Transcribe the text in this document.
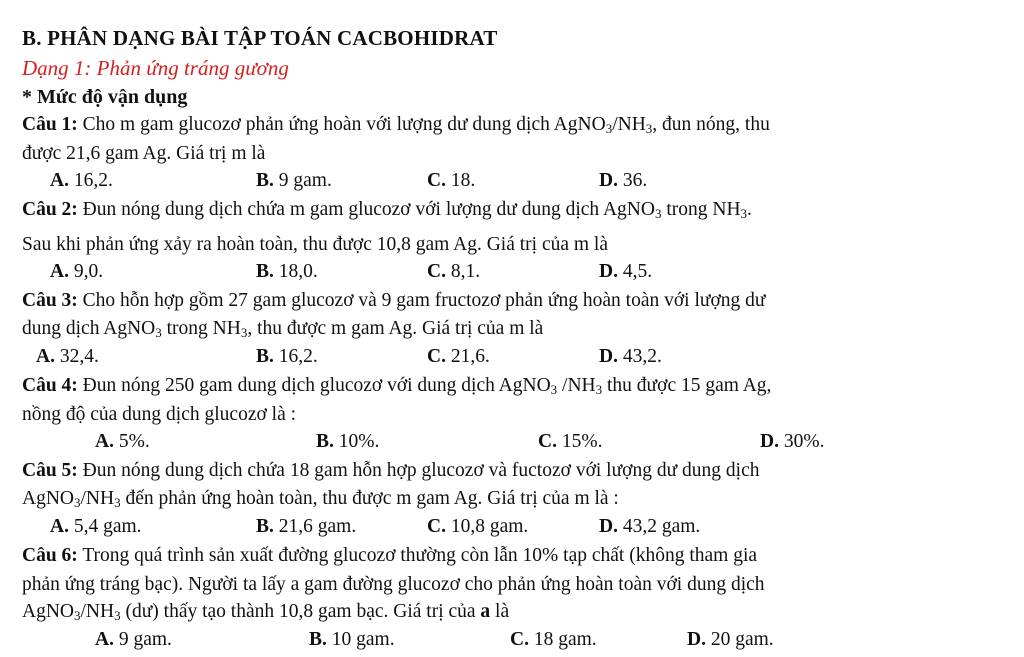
B. PHÂN DẠNG BÀI TẬP TOÁN CACBOHIDRAT
Dạng 1: Phản ứng tráng gương
* Mức độ vận dụng
Câu 1: Cho m gam glucozơ phản ứng hoàn với lượng dư dung dịch $AgNO_3/NH_3$, đun nóng, thu
được 21,6 gam Ag. Giá trị m là
A. 16,2.	B. 9 gam.	C. 18.	D. 36.
Câu 2: Đun nóng dung dịch chứa m gam glucozơ với lượng dư dung dịch AgNO$_3$ trong $NH_3$.
Sau khi phản ứng xảy ra hoàn toàn, thu được 10,8 gam Ag. Giá trị của m là
A. 9,0.	B. 18,0.	C. 8,1.	D. 4,5.
Câu 3: Cho hỗn hợp gồm 27 gam glucozơ và 9 gam fructozơ phản ứng hoàn toàn với lượng dư
dung dịch AgNO$_3$ trong $NH_3$, thu được m gam Ag. Giá trị của m là
A. 32,4.	B. 16,2.	C. 21,6.	D. 43,2.
Câu 4: Đun nóng 250 gam dung dịch glucozơ với dung dịch AgNO$_3$ $/NH_3$ thu được 15 gam Ag,
nồng độ của dung dịch glucozơ là :
A. 5%.	B. 10%.	C. 15%.	D. 30%.
Câu 5: Đun nóng dung dịch chứa 18 gam hỗn hợp glucozơ và fuctozơ với lượng dư dung dịch
$AgNO_3/NH_3$ đến phản ứng hoàn toàn, thu được m gam Ag. Giá trị của m là :
A. 5,4 gam.	B. 21,6 gam.	C. 10,8 gam.	D. 43,2 gam.
Câu 6: Trong quá trình sản xuất đường glucozơ thường còn lẫn 10% tạp chất (không tham gia
phản ứng tráng bạc). Người ta lấy a gam đường glucozơ cho phản ứng hoàn toàn với dung dịch
$AgNO_3/NH_3$ (dư) thấy tạo thành 10,8 gam bạc. Giá trị của a là
A. 9 gam.	B. 10 gam.	C. 18 gam.	D. 20 gam.
